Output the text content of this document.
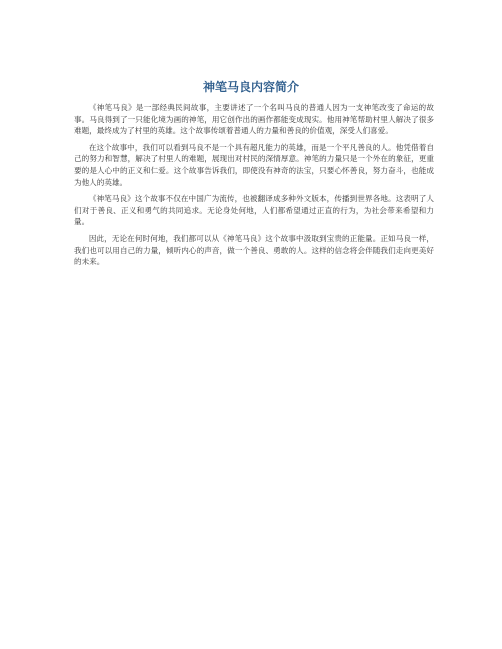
神笔马良内容简介

《神笔马良》是一部经典民间故事，主要讲述了一个名叫马良的普通人因为一支神笔改变了命运的故事。马良得到了一只能化境为画的神笔，用它创作出的画作都能变成现实。他用神笔帮助村里人解决了很多难题，最终成为了村里的英雄。这个故事传颂着普通人的力量和善良的价值观，深受人们喜爱。

在这个故事中，我们可以看到马良不是一个具有超凡能力的英雄，而是一个平凡善良的人。他凭借着自己的努力和智慧，解决了村里人的难题，展现出对村民的深情厚意。神笔的力量只是一个外在的象征，更重要的是人心中的正义和仁爱。这个故事告诉我们，即使没有神奇的法宝，只要心怀善良，努力奋斗，也能成为他人的英雄。

《神笔马良》这个故事不仅在中国广为流传，也被翻译成多种外文版本，传播到世界各地。这表明了人们对于善良、正义和勇气的共同追求。无论身处何地，人们都希望通过正直的行为，为社会带来希望和力量。

因此，无论在何时何地，我们都可以从《神笔马良》这个故事中汲取到宝贵的正能量。正如马良一样，我们也可以用自己的力量，倾听内心的声音，做一个善良、勇敢的人。这样的信念将会伴随我们走向更美好的未来。
